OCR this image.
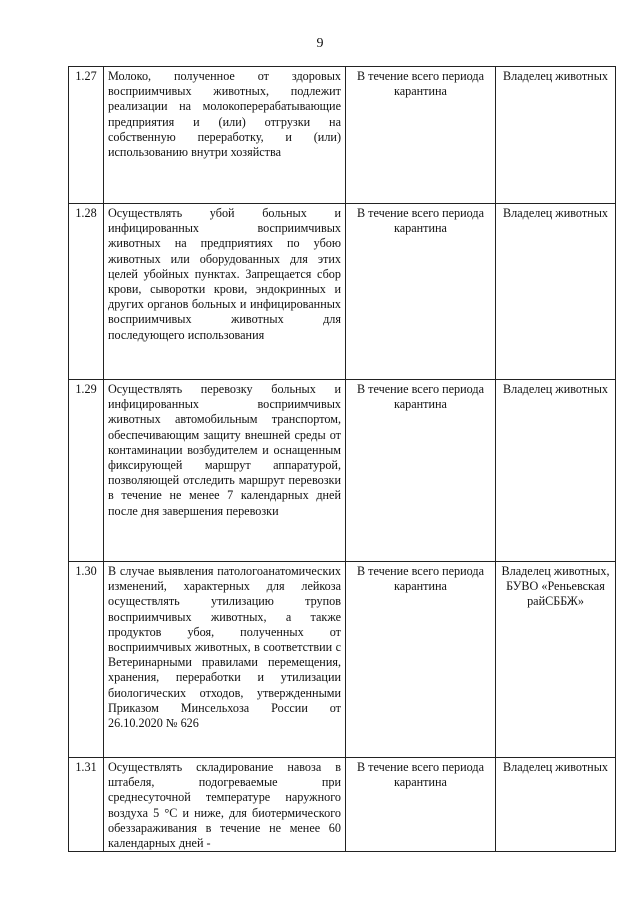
9
1.27	Молоко, полученное от здоровых восприимчивых животных, подлежит реализации на молокоперерабатывающие предприятия и (или) отгрузки на собственную переработку, и (или) использованию внутри хозяйства	В течение всего периода карантина	Владелец животных
1.28	Осуществлять убой больных и инфицированных восприимчивых животных на предприятиях по убою животных или оборудованных для этих целей убойных пунктах. Запрещается сбор крови, сыворотки крови, эндокринных и других органов больных и инфицированных восприимчивых животных для последующего использования	В течение всего периода карантина	Владелец животных
1.29	Осуществлять перевозку больных и инфицированных восприимчивых животных автомобильным транспортом, обеспечивающим защиту внешней среды от контаминации возбудителем и оснащенным фиксирующей маршрут аппаратурой, позволяющей отследить маршрут перевозки в течение не менее 7 календарных дней после дня завершения перевозки	В течение всего периода карантина	Владелец животных
1.30	В случае выявления патологоанатомических изменений, характерных для лейкоза осуществлять утилизацию трупов восприимчивых животных, а также продуктов убоя, полученных от восприимчивых животных, в соответствии с Ветеринарными правилами перемещения, хранения, переработки и утилизации биологических отходов, утвержденными Приказом Минсельхоза России от 26.10.2020 № 626	В течение всего периода карантина	Владелец животных, БУВО «Реньевская райСББЖ»
1.31	Осуществлять складирование навоза в штабеля, подогреваемые при среднесуточной температуре наружного воздуха 5 °С и ниже, для биотермического обеззараживания в течение не менее 60 календарных дней -	В течение всего периода карантина	Владелец животных
